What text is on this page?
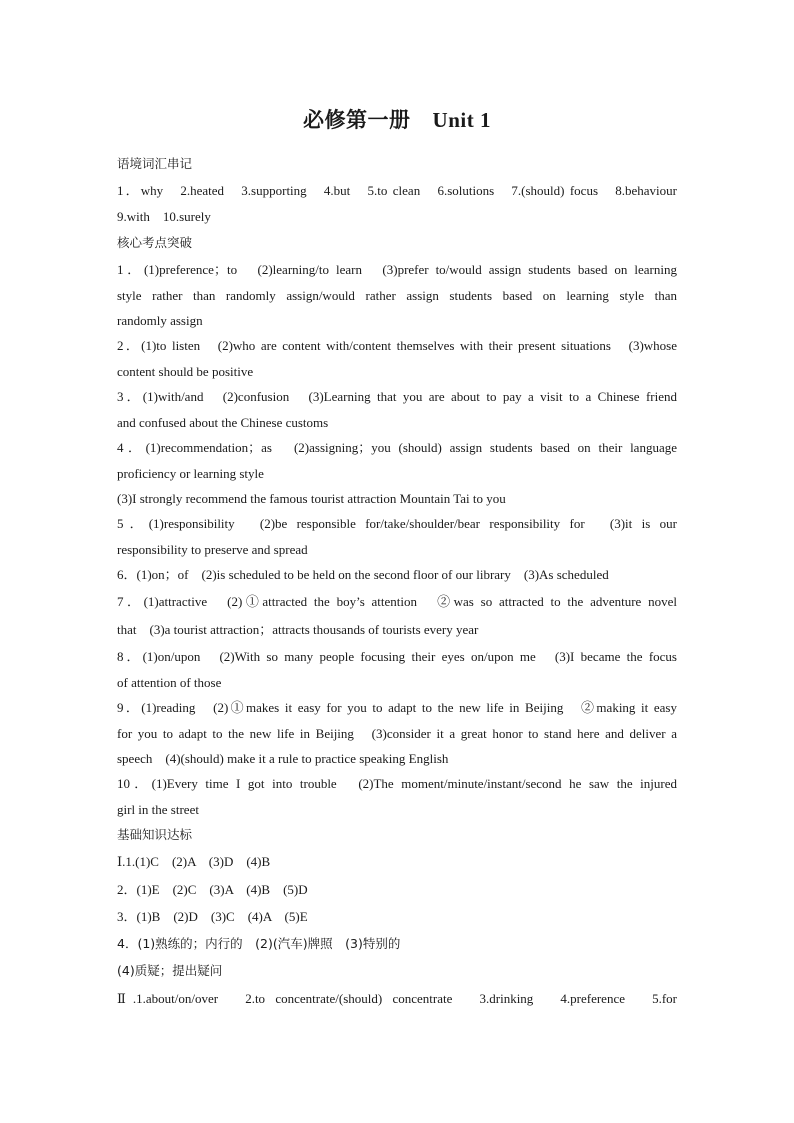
必修第一册 Unit 1
语境词汇串记
1．why　2.heated　3.supporting　4.but　5.to clean　6.solutions　7.(should) focus　8.behaviour
9.with　10.surely
核心考点突破
1．(1)preference；to　(2)learning/to learn　(3)prefer to/would assign students based on learning
style rather than randomly assign/would rather assign students based on learning style than
randomly assign
2．(1)to listen　(2)who are content with/content themselves with their present situations　(3)whose
content should be positive
3．(1)with/and　(2)confusion　(3)Learning that you are about to pay a visit to a Chinese friend
and confused about the Chinese customs
4．(1)recommendation；as　(2)assigning；you (should) assign students based on their language
proficiency or learning style
(3)I strongly recommend the famous tourist attraction Mountain Tai to you
5．(1)responsibility　(2)be responsible for/take/shoulder/bear responsibility for　(3)it is our
responsibility to preserve and spread
6．(1)on；of　(2)is scheduled to be held on the second floor of our library　(3)As scheduled
7．(1)attractive　(2)①attracted the boy’s attention　②was so attracted to the adventure novel
that　(3)a tourist attraction；attracts thousands of tourists every year
8．(1)on/upon　(2)With so many people focusing their eyes on/upon me　(3)I became the focus
of attention of those
9．(1)reading　(2)①makes it easy for you to adapt to the new life in Beijing　②making it easy
for you to adapt to the new life in Beijing　(3)consider it a great honor to stand here and deliver a
speech　(4)(should) make it a rule to practice speaking English
10．(1)Every time I got into trouble　(2)The moment/minute/instant/second he saw the injured
girl in the street
基础知识达标
Ⅰ.1.(1)C　(2)A　(3)D　(4)B
2．(1)E　(2)C　(3)A　(4)B　(5)D
3．(1)B　(2)D　(3)C　(4)A　(5)E
4．(1)熟练的；内行的　(2)(汽车)牌照　(3)特别的
(4)质疑；提出疑问
Ⅱ.1.about/on/over　2.to concentrate/(should) concentrate　3.drinking　4.preference　5.for
